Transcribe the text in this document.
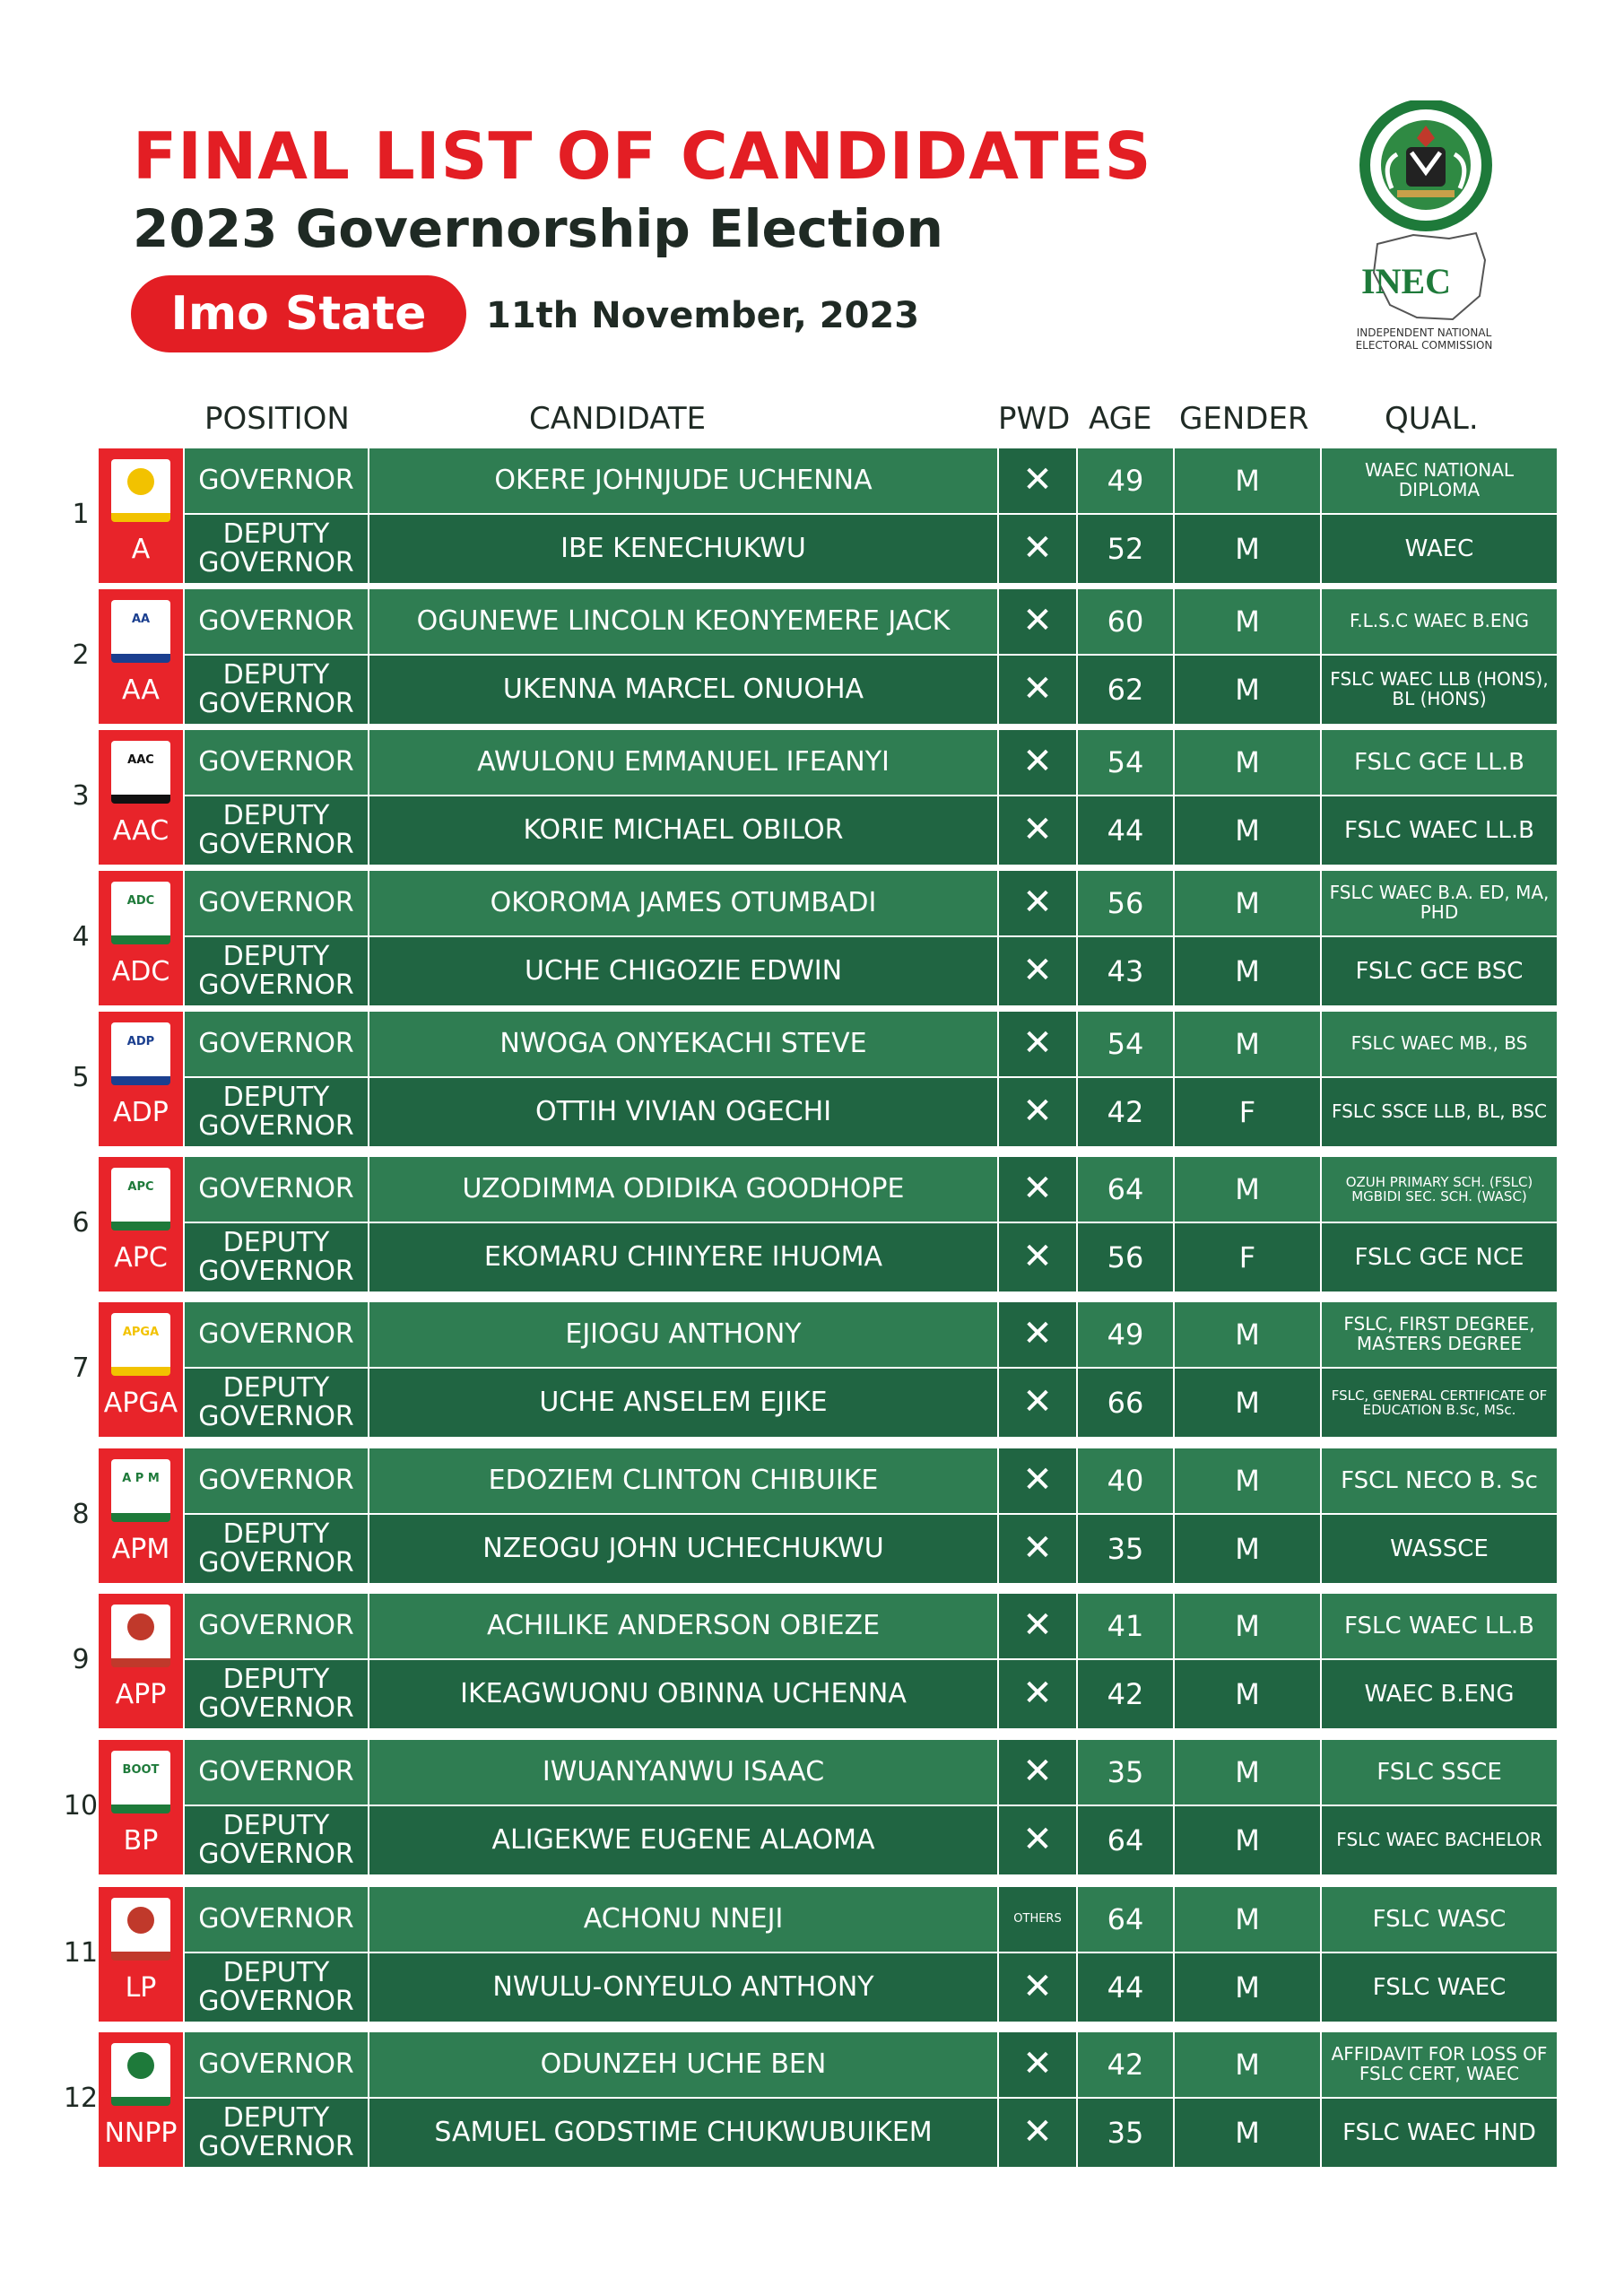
FINAL LIST OF CANDIDATES
2023 Governorship Election
Imo State	11th November, 2023
INEC
INDEPENDENT NATIONAL
ELECTORAL COMMISSION
POSITION	CANDIDATE	PWD AGE GENDER QUAL.
1
A
GOVERNOR	OKERE JOHNJUDE UCHENNA	✕	49	M	WAEC NATIONAL DIPLOMA
DEPUTY
GOVERNOR	IBE KENECHUKWU	✕	52	M	WAEC
2
AA
AA
GOVERNOR	OGUNEWE LINCOLN KEONYEMERE JACK	✕	60	M	F.L.S.C WAEC B.ENG
DEPUTY
GOVERNOR	UKENNA MARCEL ONUOHA	✕	62	M	FSLC WAEC LLB (HONS), BL (HONS)
3
AAC
AAC
GOVERNOR	AWULONU EMMANUEL IFEANYI	✕	54	M	FSLC GCE LL.B
DEPUTY
GOVERNOR	KORIE MICHAEL OBILOR	✕	44	M	FSLC WAEC LL.B
4
ADC
ADC
GOVERNOR	OKOROMA JAMES OTUMBADI	✕	56	M	FSLC WAEC B.A. ED, MA, PHD
DEPUTY
GOVERNOR	UCHE CHIGOZIE EDWIN	✕	43	M	FSLC GCE BSC
5
ADP
ADP
GOVERNOR	NWOGA ONYEKACHI STEVE	✕	54	M	FSLC WAEC MB., BS
DEPUTY
GOVERNOR	OTTIH VIVIAN OGECHI	✕	42	F	FSLC SSCE LLB, BL, BSC
6
APC
APC
GOVERNOR	UZODIMMA ODIDIKA GOODHOPE	✕	64	M	OZUH PRIMARY SCH. (FSLC) MGBIDI SEC. SCH. (WASC)
DEPUTY
GOVERNOR	EKOMARU CHINYERE IHUOMA	✕	56	F	FSLC GCE NCE
7
APGA
APGA
GOVERNOR	EJIOGU ANTHONY	✕	49	M	FSLC, FIRST DEGREE, MASTERS DEGREE
DEPUTY
GOVERNOR	UCHE ANSELEM EJIKE	✕	66	M	FSLC, GENERAL CERTIFICATE OF EDUCATION B.Sc, MSc.
8
A P M
APM
GOVERNOR	EDOZIEM CLINTON CHIBUIKE	✕	40	M	FSCL NECO B. Sc
DEPUTY
GOVERNOR	NZEOGU JOHN UCHECHUKWU	✕	35	M	WASSCE
9
APP
GOVERNOR	ACHILIKE ANDERSON OBIEZE	✕	41	M	FSLC WAEC LL.B
DEPUTY
GOVERNOR	IKEAGWUONU OBINNA UCHENNA	✕	42	M	WAEC B.ENG
10
BOOT
BP
GOVERNOR	IWUANYANWU ISAAC	✕	35	M	FSLC SSCE
DEPUTY
GOVERNOR	ALIGEKWE EUGENE ALAOMA	✕	64	M	FSLC WAEC BACHELOR
11
LP
GOVERNOR	ACHONU NNEJI	OTHERS	64	M	FSLC WASC
DEPUTY
GOVERNOR	NWULU-ONYEULO ANTHONY	✕	44	M	FSLC WAEC
12
NNPP
GOVERNOR	ODUNZEH UCHE BEN	✕	42	M	AFFIDAVIT FOR LOSS OF FSLC CERT, WAEC
DEPUTY
GOVERNOR	SAMUEL GODSTIME CHUKWUBUIKEM	✕	35	M	FSLC WAEC HND
